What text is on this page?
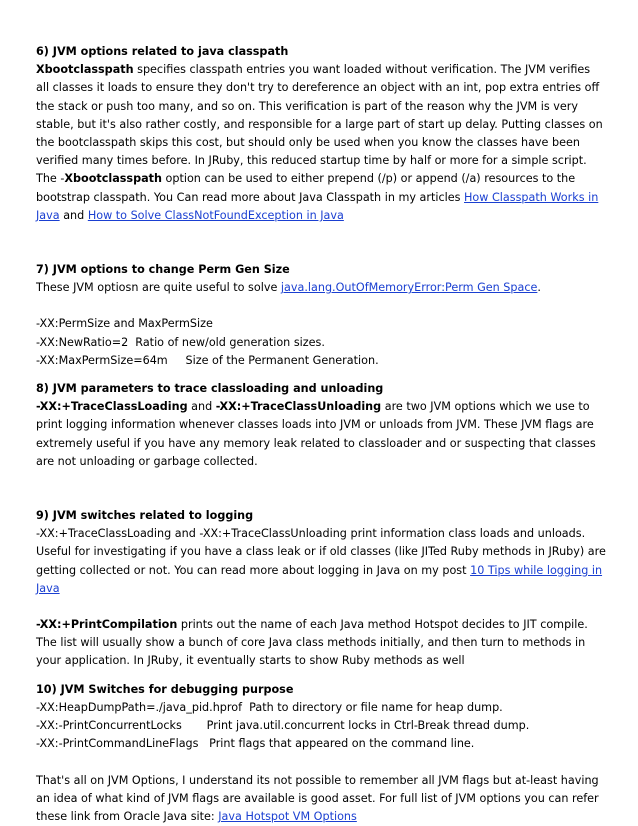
6) JVM options related to java classpath

Xbootclasspath specifies classpath entries you want loaded without verification. The JVM verifies all classes it loads to ensure they don't try to dereference an object with an int, pop extra entries off the stack or push too many, and so on. This verification is part of the reason why the JVM is very stable, but it's also rather costly, and responsible for a large part of start up delay. Putting classes on the bootclasspath skips this cost, but should only be used when you know the classes have been verified many times before. In JRuby, this reduced startup time by half or more for a simple script. The -Xbootclasspath option can be used to either prepend (/p) or append (/a) resources to the bootstrap classpath. You Can read more about Java Classpath in my articles How Classpath Works in Java and How to Solve ClassNotFoundException in Java

7) JVM options to change Perm Gen Size

These JVM optiosn are quite useful to solve java.lang.OutOfMemoryError:Perm Gen Space.

-XX:PermSize and MaxPermSize

-XX:NewRatio=2  Ratio of new/old generation sizes.

-XX:MaxPermSize=64m     Size of the Permanent Generation.

8) JVM parameters to trace classloading and unloading

-XX:+TraceClassLoading and -XX:+TraceClassUnloading are two JVM options which we use to print logging information whenever classes loads into JVM or unloads from JVM. These JVM flags are extremely useful if you have any memory leak related to classloader and or suspecting that classes are not unloading or garbage collected.

9) JVM switches related to logging

-XX:+TraceClassLoading and -XX:+TraceClassUnloading print information class loads and unloads. Useful for investigating if you have a class leak or if old classes (like JITed Ruby methods in JRuby) are getting collected or not. You can read more about logging in Java on my post 10 Tips while logging in Java

-XX:+PrintCompilation prints out the name of each Java method Hotspot decides to JIT compile. The list will usually show a bunch of core Java class methods initially, and then turn to methods in your application. In JRuby, it eventually starts to show Ruby methods as well

10) JVM Switches for debugging purpose

-XX:HeapDumpPath=./java_pid.hprof  Path to directory or file name for heap dump.

-XX:-PrintConcurrentLocks       Print java.util.concurrent locks in Ctrl-Break thread dump.

-XX:-PrintCommandLineFlags   Print flags that appeared on the command line.

That's all on JVM Options, I understand its not possible to remember all JVM flags but at-least having an idea of what kind of JVM flags are available is good asset. For full list of JVM options you can refer these link from Oracle Java site: Java Hotspot VM Options
